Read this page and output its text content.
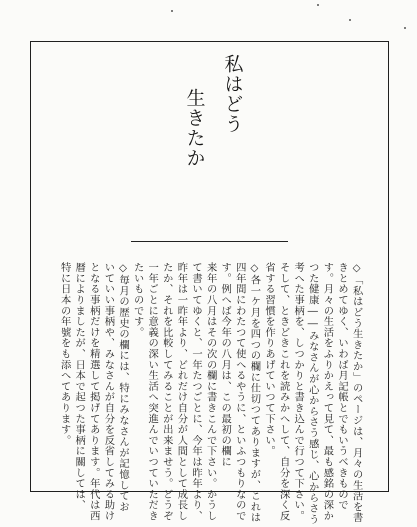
私はどう
生きたか
◇「私はどう生きたか」のページは、月々の生活を書
きとめてゆく、いわば月記帳とでもいうべきもので
す。月々の生活をふりかえって見て、最も感銘の深か
つた健康――みなさんが心からさう感じ、心からさう
考へた事柄を、しつかりと書き込んで行つて下さい。
そして、ときどきこれを読みかへして、自分を深く反
省する習慣を作りあげていつて下さい。
◇各一ケ月を四つの欄に仕切つてありますが、これは
四年間にわたつて使へるやうに、といふつもりなので
す。例へば今年の八月は、この最初の欄に
来年の八月はその次の欄に書きこんで下さい。かうし
て書いてゆくと、一年たつごとに、今年は昨年より、
昨年は一昨年より、どれだけ自分が人間として成長し
たか、それを比較してみることが出来ませう。どうぞ
一年ごとに意義の深い生活へ突進んでいつていただき
たいものです。
◇毎月の歴史の欄には、特にみなさんが記憶してお
いていい事柄や、みなさんが自分を反省してみる助け
となる事柄だけを精選して掲げてあります。年代は西
暦によりましたが、日本で起つた事柄に關しては、
特に日本の年號をも添へてあります。
